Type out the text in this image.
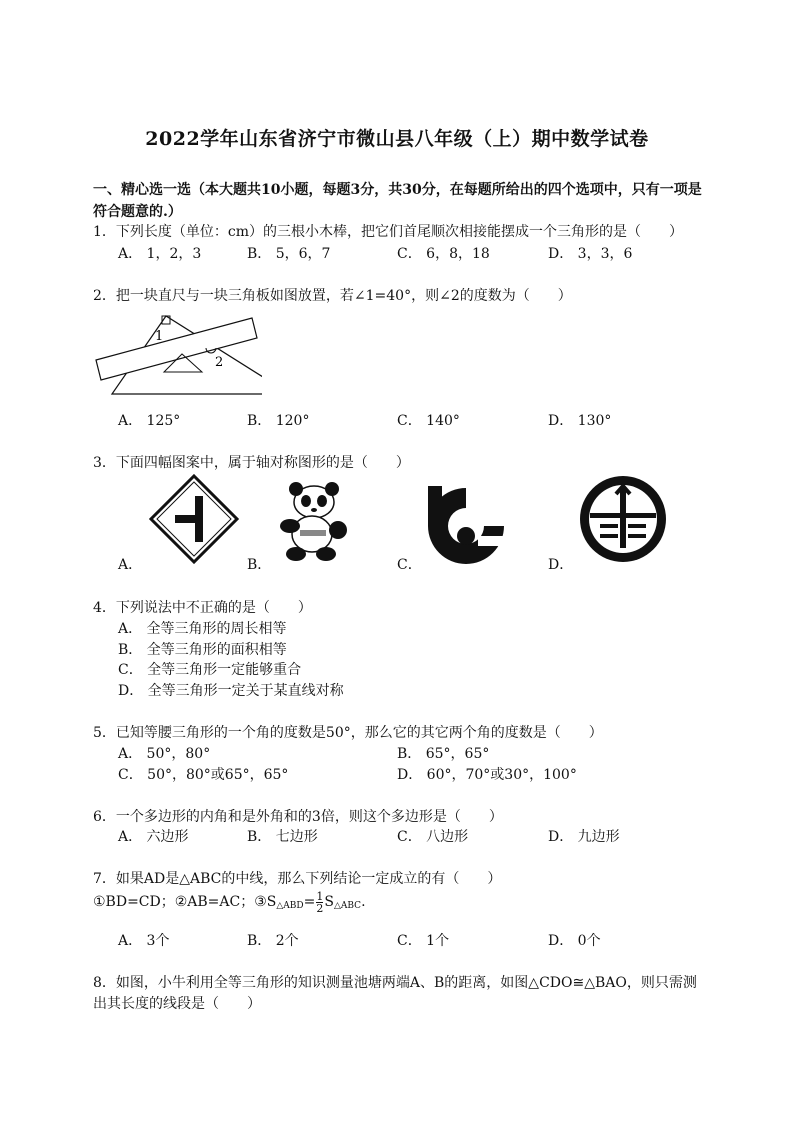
2022学年山东省济宁市微山县八年级（上）期中数学试卷
一、精心选一选（本大题共10小题，每题3分，共30分，在每题所给出的四个选项中，只有一项是符合题意的.）
1．下列长度（单位：cm）的三根小木棒，把它们首尾顺次相接能摆成一个三角形的是（　　）
A． 1，2，3	B． 5，6，7	C． 6，8，18	D． 3，3，6
2．把一块直尺与一块三角板如图放置，若∠1=40°，则∠2的度数为（　　）
1
2
A． 125°	B． 120°	C． 140°	D． 130°
3．下面四幅图案中，属于轴对称图形的是（　　）
A．	B．	C．	D．
4．下列说法中不正确的是（　　）
A． 全等三角形的周长相等
B． 全等三角形的面积相等
C． 全等三角形一定能够重合
D． 全等三角形一定关于某直线对称
5．已知等腰三角形的一个角的度数是50°，那么它的其它两个角的度数是（　　）
A． 50°，80°	B． 65°，65°
C． 50°，80°或65°，65°	D． 60°，70°或30°，100°
6．一个多边形的内角和是外角和的3倍，则这个多边形是（　　）
A． 六边形	B． 七边形	C． 八边形	D． 九边形
7．如果AD是△ABC的中线，那么下列结论一定成立的有（　　）
①BD=CD；②AB=AC；$③S_{\triangle ABD}= \frac{1}{2} S_{\triangle ABC}$.
A． 3个	B． 2个	C． 1个	D． 0个
8．如图，小牛利用全等三角形的知识测量池塘两端A、B的距离，如图△CDO≅△BAO，则只需测
出其长度的线段是（　　）
